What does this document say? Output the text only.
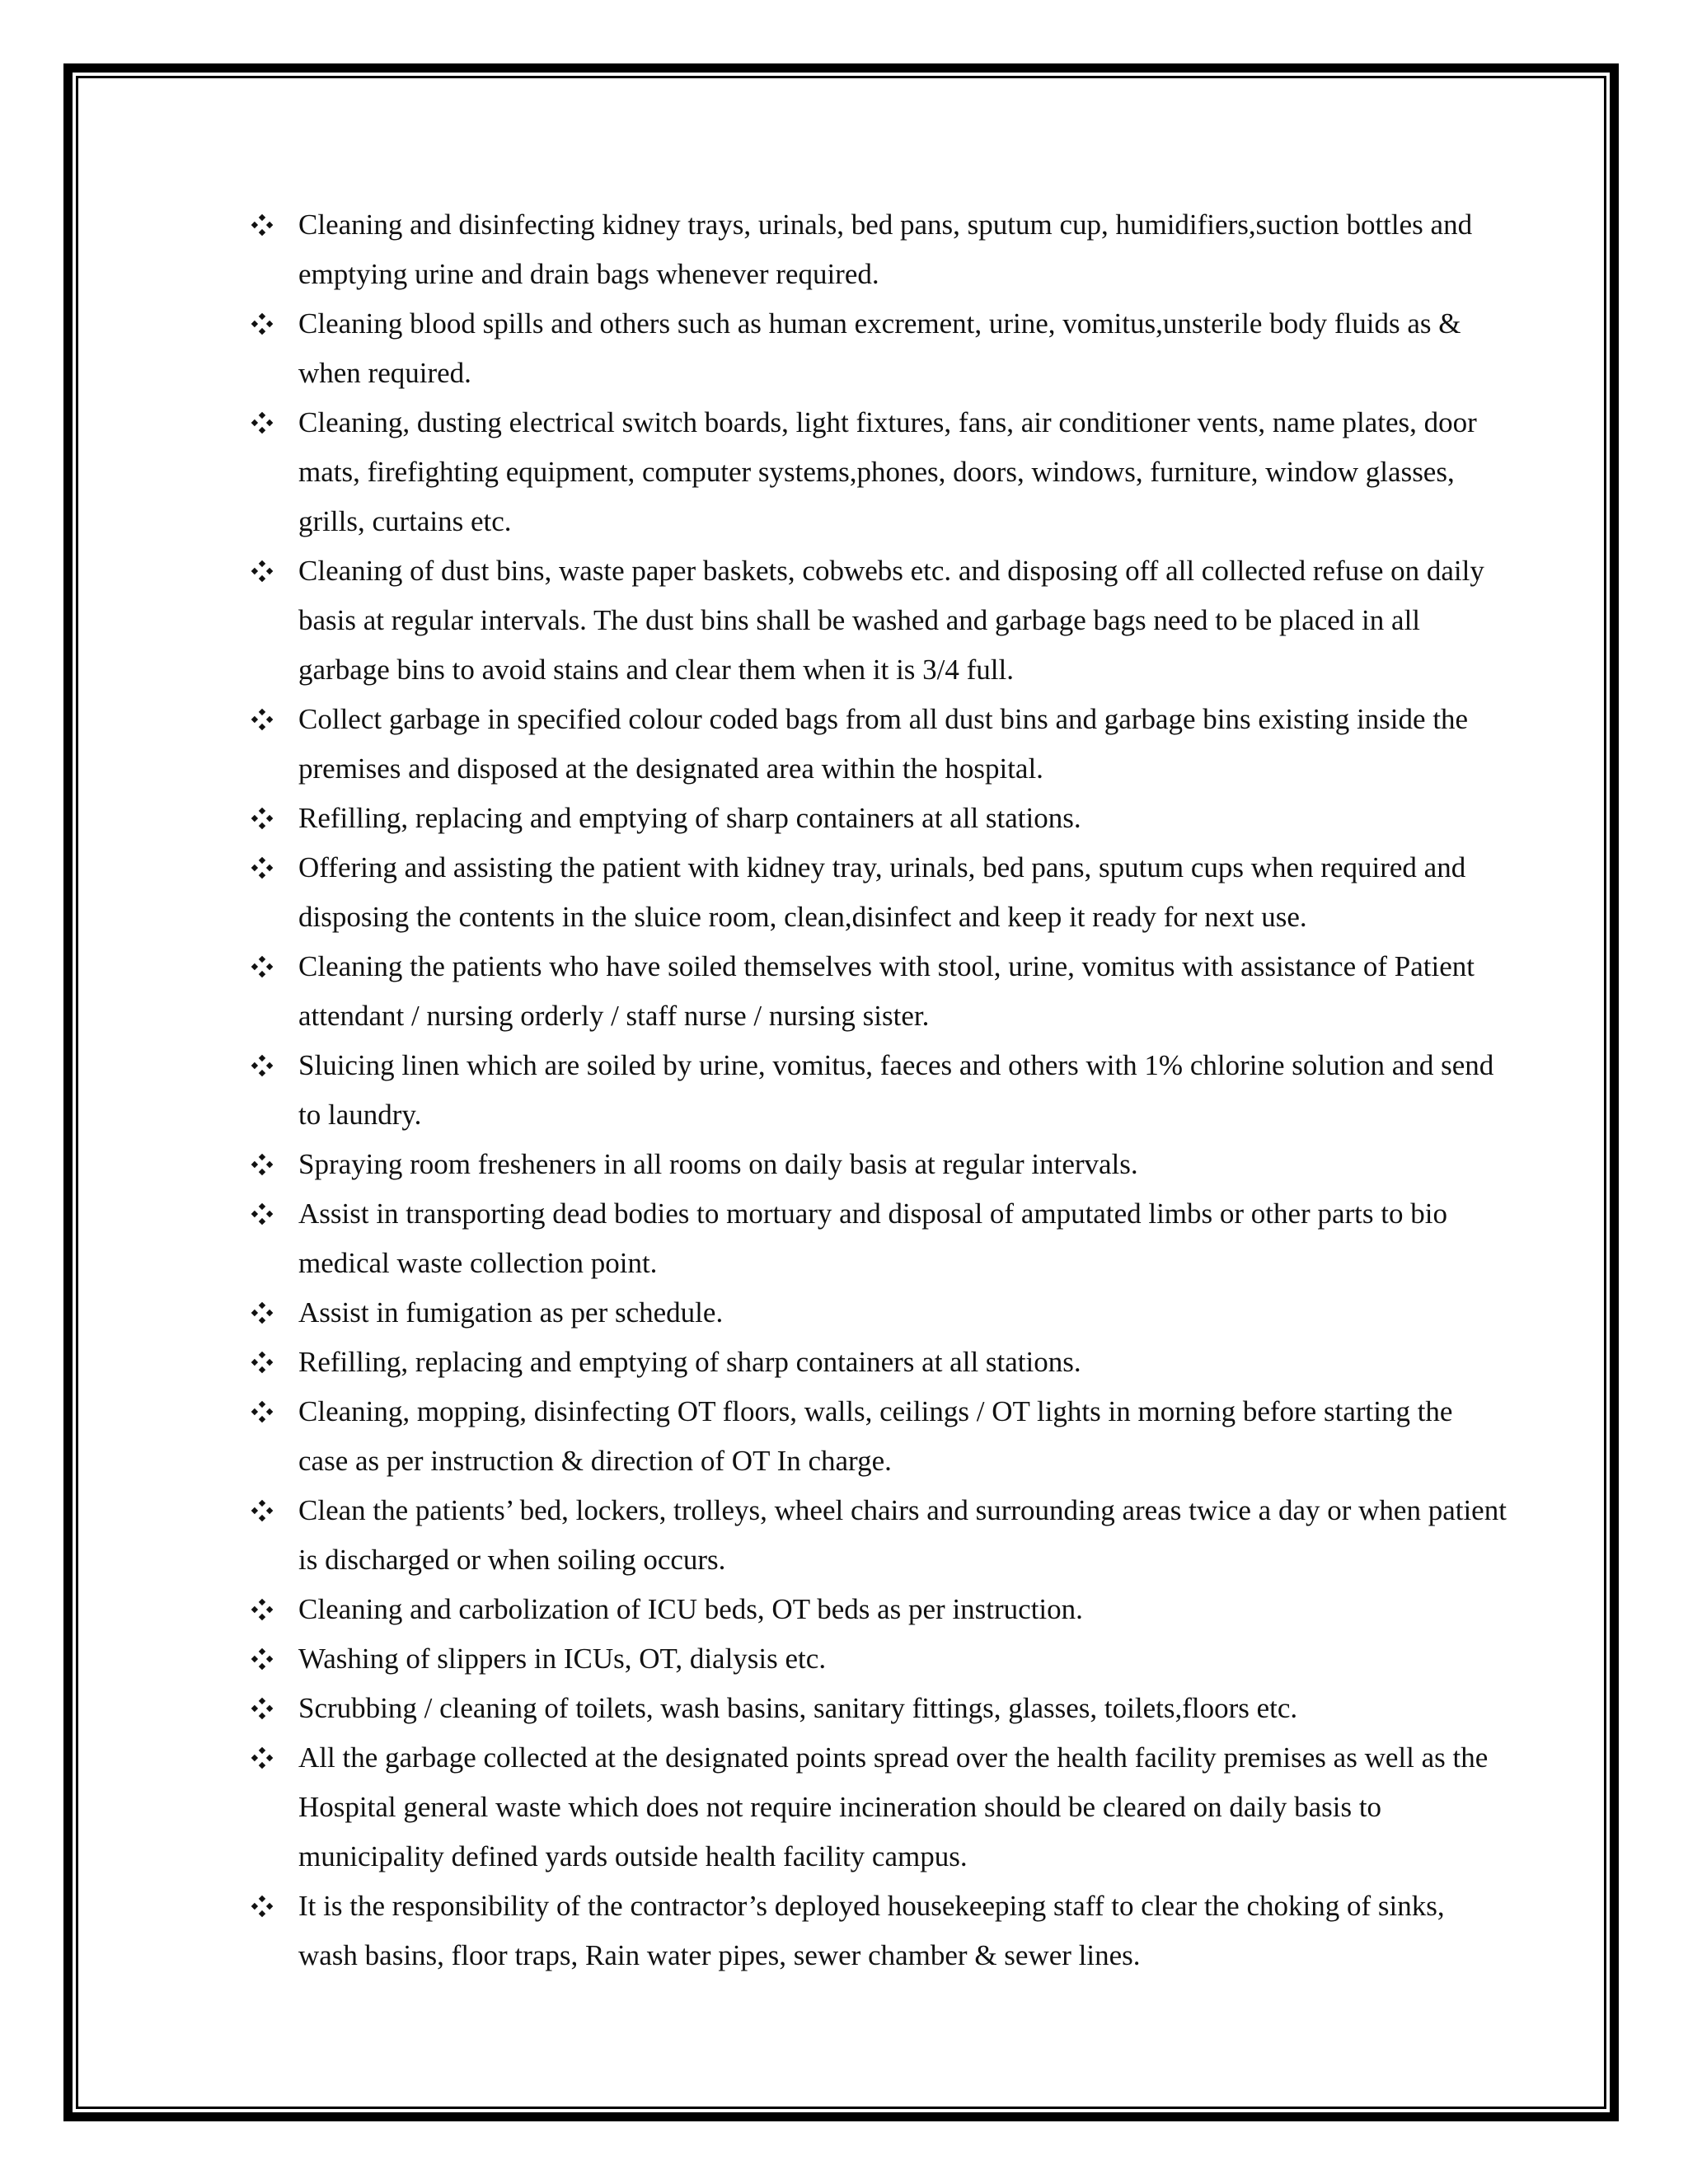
Cleaning and disinfecting kidney trays, urinals, bed pans, sputum cup, humidifiers,suction bottles and emptying urine and drain bags whenever required.
Cleaning blood spills and others such as human excrement, urine, vomitus,unsterile body fluids as & when required.
Cleaning, dusting electrical switch boards, light fixtures, fans, air conditioner vents, name plates, door mats, firefighting equipment, computer systems,phones, doors, windows, furniture, window glasses, grills, curtains etc.
Cleaning of dust bins, waste paper baskets, cobwebs etc. and disposing off all collected refuse on daily basis at regular intervals. The dust bins shall be washed and garbage bags need to be placed in all garbage bins to avoid stains and clear them when it is 3/4 full.
Collect garbage in specified colour coded bags from all dust bins and garbage bins existing inside the premises and disposed at the designated area within the hospital.
Refilling, replacing and emptying of sharp containers at all stations.
Offering and assisting the patient with kidney tray, urinals, bed pans, sputum cups when required and disposing the contents in the sluice room, clean,disinfect and keep it ready for next use.
Cleaning the patients who have soiled themselves with stool, urine, vomitus with assistance of Patient attendant / nursing orderly / staff nurse / nursing sister.
Sluicing linen which are soiled by urine, vomitus, faeces and others with 1% chlorine solution and send to laundry.
Spraying room fresheners in all rooms on daily basis at regular intervals.
Assist in transporting dead bodies to mortuary and disposal of amputated limbs or other parts to bio medical waste collection point.
Assist in fumigation as per schedule.
Refilling, replacing and emptying of sharp containers at all stations.
Cleaning, mopping, disinfecting OT floors, walls, ceilings / OT lights in morning before starting the case as per instruction & direction of OT In charge.
Clean the patients’ bed, lockers, trolleys, wheel chairs and surrounding areas twice a day or when patient is discharged or when soiling occurs.
Cleaning and carbolization of ICU beds, OT beds as per instruction.
Washing of slippers in ICUs, OT, dialysis etc.
Scrubbing / cleaning of toilets, wash basins, sanitary fittings, glasses, toilets,floors etc.
All the garbage collected at the designated points spread over the health facility premises as well as the Hospital general waste which does not require incineration should be cleared on daily basis to municipality defined yards outside health facility campus.
It is the responsibility of the contractor’s deployed housekeeping staff to clear the choking of sinks, wash basins, floor traps, Rain water pipes, sewer chamber & sewer lines.
